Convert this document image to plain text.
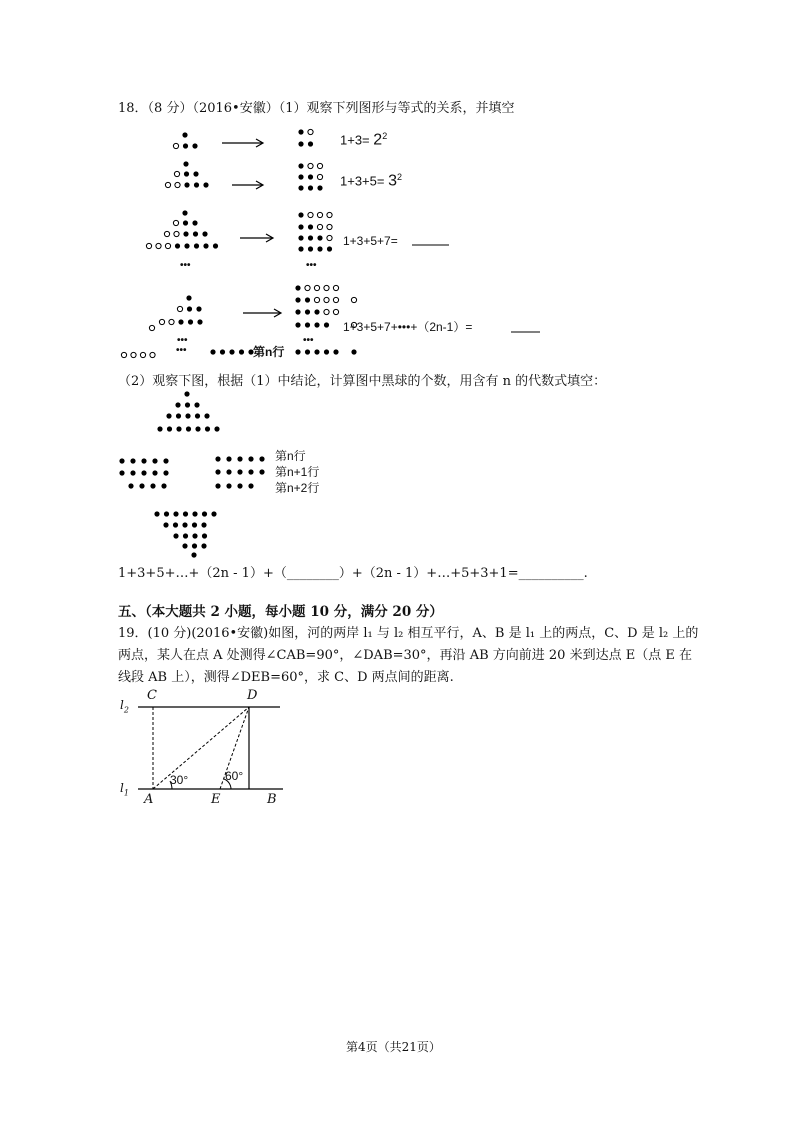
18．（8 分）（2016•安徽）（1）观察下列图形与等式的关系，并填空
$1+3= 2^2$
$1+3+5= 3^2$
1+3+5+7=
1+3+5+7+•••+（2n-1）=
•••	•••
•••	•••
•••	第n行
（2）观察下图，根据（1）中结论，计算图中黑球的个数，用含有 n 的代数式填空：
第n行
第n+1行
第n+2行
1+3+5+…+（2n - 1）+（________）+（2n - 1）+…+5+3+1=__________.
五、（本大题共 2 小题，每小题 10 分，满分 20 分）
19．(10 分)(2016•安徽)如图，河的两岸 l₁ 与 l₂ 相互平行，A、B 是 l₁ 上的两点，C、D 是 l₂ 上的
两点，某人在点 A 处测得∠CAB=90°，∠DAB=30°，再沿 AB 方向前进 20 米到达点 E（点 E 在
线段 AB 上），测得∠DEB=60°，求 C、D 两点间的距离.
C	D
A	E	B
$l_2$
$l_1$
30°	60°
第4页（共21页）
